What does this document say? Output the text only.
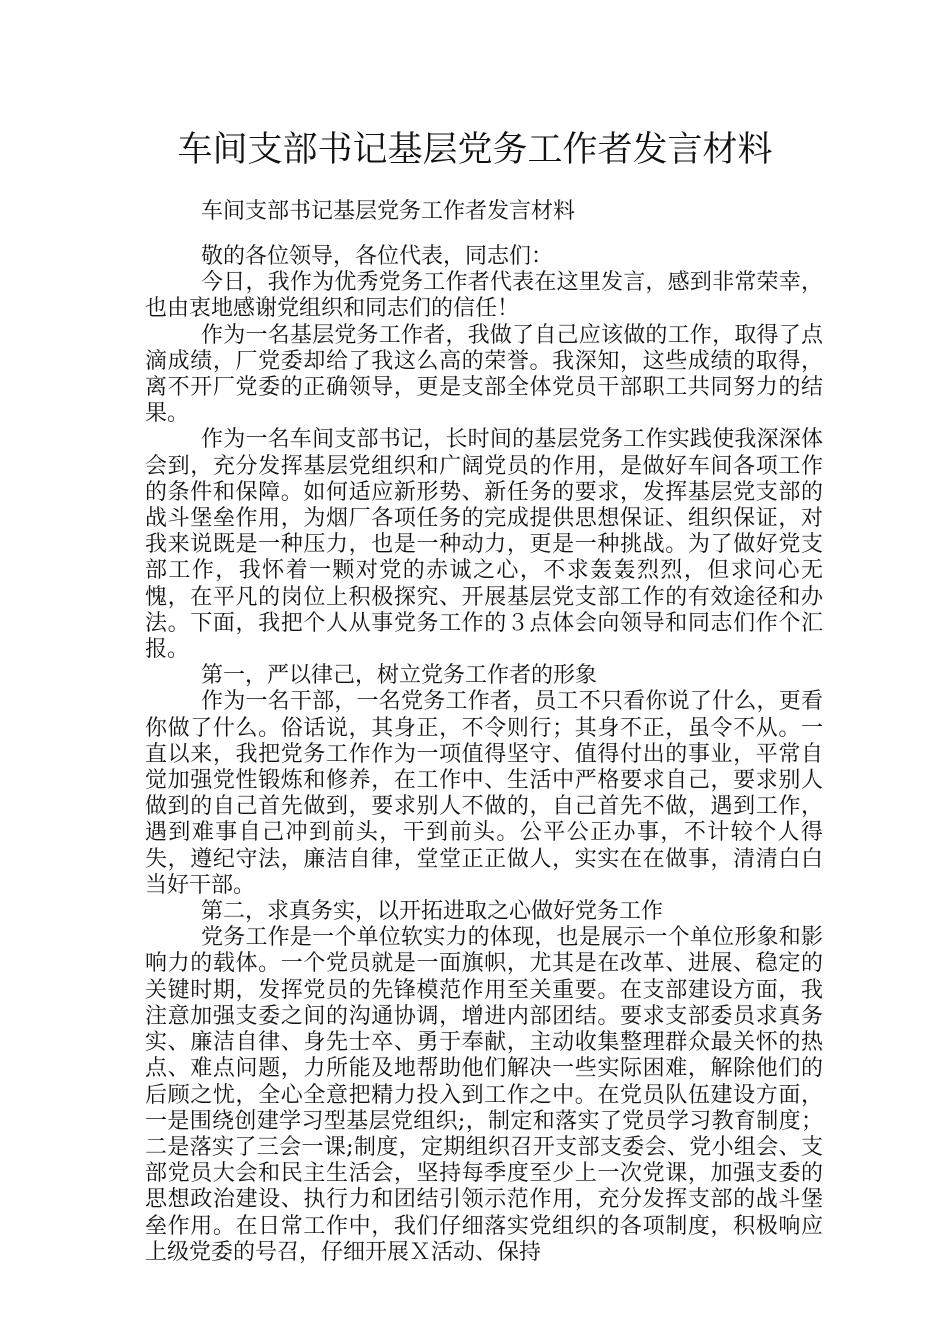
车间支部书记基层党务工作者发言材料

车间支部书记基层党务工作者发言材料

敬的各位领导，各位代表，同志们：

今日，我作为优秀党务工作者代表在这里发言，感到非常荣幸，也由衷地感谢党组织和同志们的信任！

作为一名基层党务工作者，我做了自己应该做的工作，取得了点滴成绩，厂党委却给了我这么高的荣誉。我深知，这些成绩的取得，离不开厂党委的正确领导，更是支部全体党员干部职工共同努力的结果。

作为一名车间支部书记，长时间的基层党务工作实践使我深深体会到，充分发挥基层党组织和广阔党员的作用，是做好车间各项工作的条件和保障。如何适应新形势、新任务的要求，发挥基层党支部的战斗堡垒作用，为烟厂各项任务的完成提供思想保证、组织保证，对我来说既是一种压力，也是一种动力，更是一种挑战。为了做好党支部工作，我怀着一颗对党的赤诚之心，不求轰轰烈烈，但求问心无愧，在平凡的岗位上积极探究、开展基层党支部工作的有效途径和办法。下面，我把个人从事党务工作的３点体会向领导和同志们作个汇报。

第一，严以律己，树立党务工作者的形象

作为一名干部，一名党务工作者，员工不只看你说了什么，更看你做了什么。俗话说，其身正，不令则行；其身不正，虽令不从。一直以来，我把党务工作作为一项值得坚守、值得付出的事业，平常自觉加强党性锻炼和修养，在工作中、生活中严格要求自己，要求别人做到的自己首先做到，要求别人不做的，自己首先不做，遇到工作，遇到难事自己冲到前头，干到前头。公平公正办事，不计较个人得失，遵纪守法，廉洁自律，堂堂正正做人，实实在在做事，清清白白当好干部。

第二，求真务实，以开拓进取之心做好党务工作

党务工作是一个单位软实力的体现，也是展示一个单位形象和影响力的载体。一个党员就是一面旗帜，尤其是在改革、进展、稳定的关键时期，发挥党员的先锋模范作用至关重要。在支部建设方面，我注意加强支委之间的沟通协调，增进内部团结。要求支部委员求真务实、廉洁自律、身先士卒、勇于奉献，主动收集整理群众最关怀的热点、难点问题，力所能及地帮助他们解决一些实际困难，解除他们的后顾之忧，全心全意把精力投入到工作之中。在党员队伍建设方面，一是围绕创建学习型基层党组织;，制定和落实了党员学习教育制度；二是落实了三会一课;制度，定期组织召开支部支委会、党小组会、支部党员大会和民主生活会，坚持每季度至少上一次党课，加强支委的思想政治建设、执行力和团结引领示范作用，充分发挥支部的战斗堡垒作用。在日常工作中，我们仔细落实党组织的各项制度，积极响应上级党委的号召，仔细开展Ｘ活动、保持
